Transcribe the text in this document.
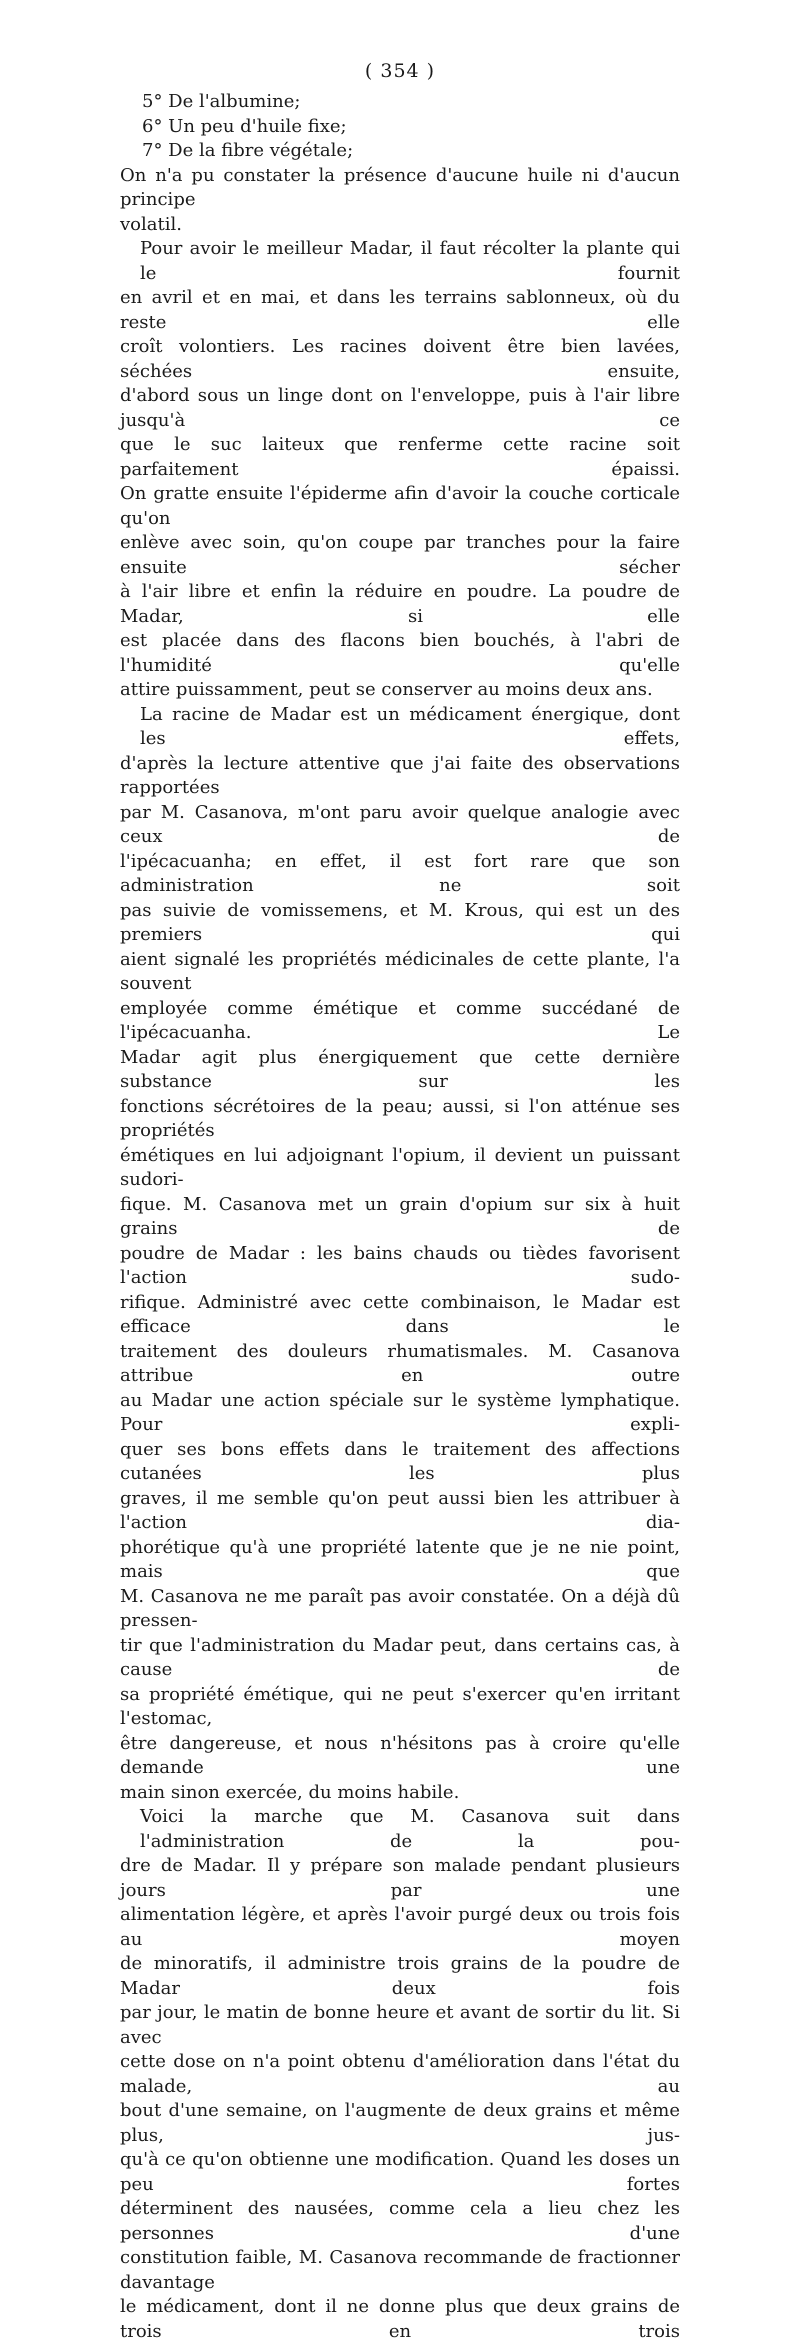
( 354 )
5° De l'albumine;
6° Un peu d'huile fixe;
7° De la fibre végétale;
On n'a pu constater la présence d'aucune huile ni d'aucun principe
volatil.
Pour avoir le meilleur Madar, il faut récolter la plante qui le fournit
en avril et en mai, et dans les terrains sablonneux, où du reste elle
croît volontiers. Les racines doivent être bien lavées, séchées ensuite,
d'abord sous un linge dont on l'enveloppe, puis à l'air libre jusqu'à ce
que le suc laiteux que renferme cette racine soit parfaitement épaissi.
On gratte ensuite l'épiderme afin d'avoir la couche corticale qu'on
enlève avec soin, qu'on coupe par tranches pour la faire ensuite sécher
à l'air libre et enfin la réduire en poudre. La poudre de Madar, si elle
est placée dans des flacons bien bouchés, à l'abri de l'humidité qu'elle
attire puissamment, peut se conserver au moins deux ans.
La racine de Madar est un médicament énergique, dont les effets,
d'après la lecture attentive que j'ai faite des observations rapportées
par M. Casanova, m'ont paru avoir quelque analogie avec ceux de
l'ipécacuanha; en effet, il est fort rare que son administration ne soit
pas suivie de vomissemens, et M. Krous, qui est un des premiers qui
aient signalé les propriétés médicinales de cette plante, l'a souvent
employée comme émétique et comme succédané de l'ipécacuanha. Le
Madar agit plus énergiquement que cette dernière substance sur les
fonctions sécrétoires de la peau; aussi, si l'on atténue ses propriétés
émétiques en lui adjoignant l'opium, il devient un puissant sudori-
fique. M. Casanova met un grain d'opium sur six à huit grains de
poudre de Madar : les bains chauds ou tièdes favorisent l'action sudo-
rifique. Administré avec cette combinaison, le Madar est efficace dans le
traitement des douleurs rhumatismales. M. Casanova attribue en outre
au Madar une action spéciale sur le système lymphatique. Pour expli-
quer ses bons effets dans le traitement des affections cutanées les plus
graves, il me semble qu'on peut aussi bien les attribuer à l'action dia-
phorétique qu'à une propriété latente que je ne nie point, mais que
M. Casanova ne me paraît pas avoir constatée. On a déjà dû pressen-
tir que l'administration du Madar peut, dans certains cas, à cause de
sa propriété émétique, qui ne peut s'exercer qu'en irritant l'estomac,
être dangereuse, et nous n'hésitons pas à croire qu'elle demande une
main sinon exercée, du moins habile.
Voici la marche que M. Casanova suit dans l'administration de la pou-
dre de Madar. Il y prépare son malade pendant plusieurs jours par une
alimentation légère, et après l'avoir purgé deux ou trois fois au moyen
de minoratifs, il administre trois grains de la poudre de Madar deux fois
par jour, le matin de bonne heure et avant de sortir du lit. Si avec
cette dose on n'a point obtenu d'amélioration dans l'état du malade, au
bout d'une semaine, on l'augmente de deux grains et même plus, jus-
qu'à ce qu'on obtienne une modification. Quand les doses un peu fortes
déterminent des nausées, comme cela a lieu chez les personnes d'une
constitution faible, M. Casanova recommande de fractionner davantage
le médicament, dont il ne donne plus que deux grains de trois en trois
